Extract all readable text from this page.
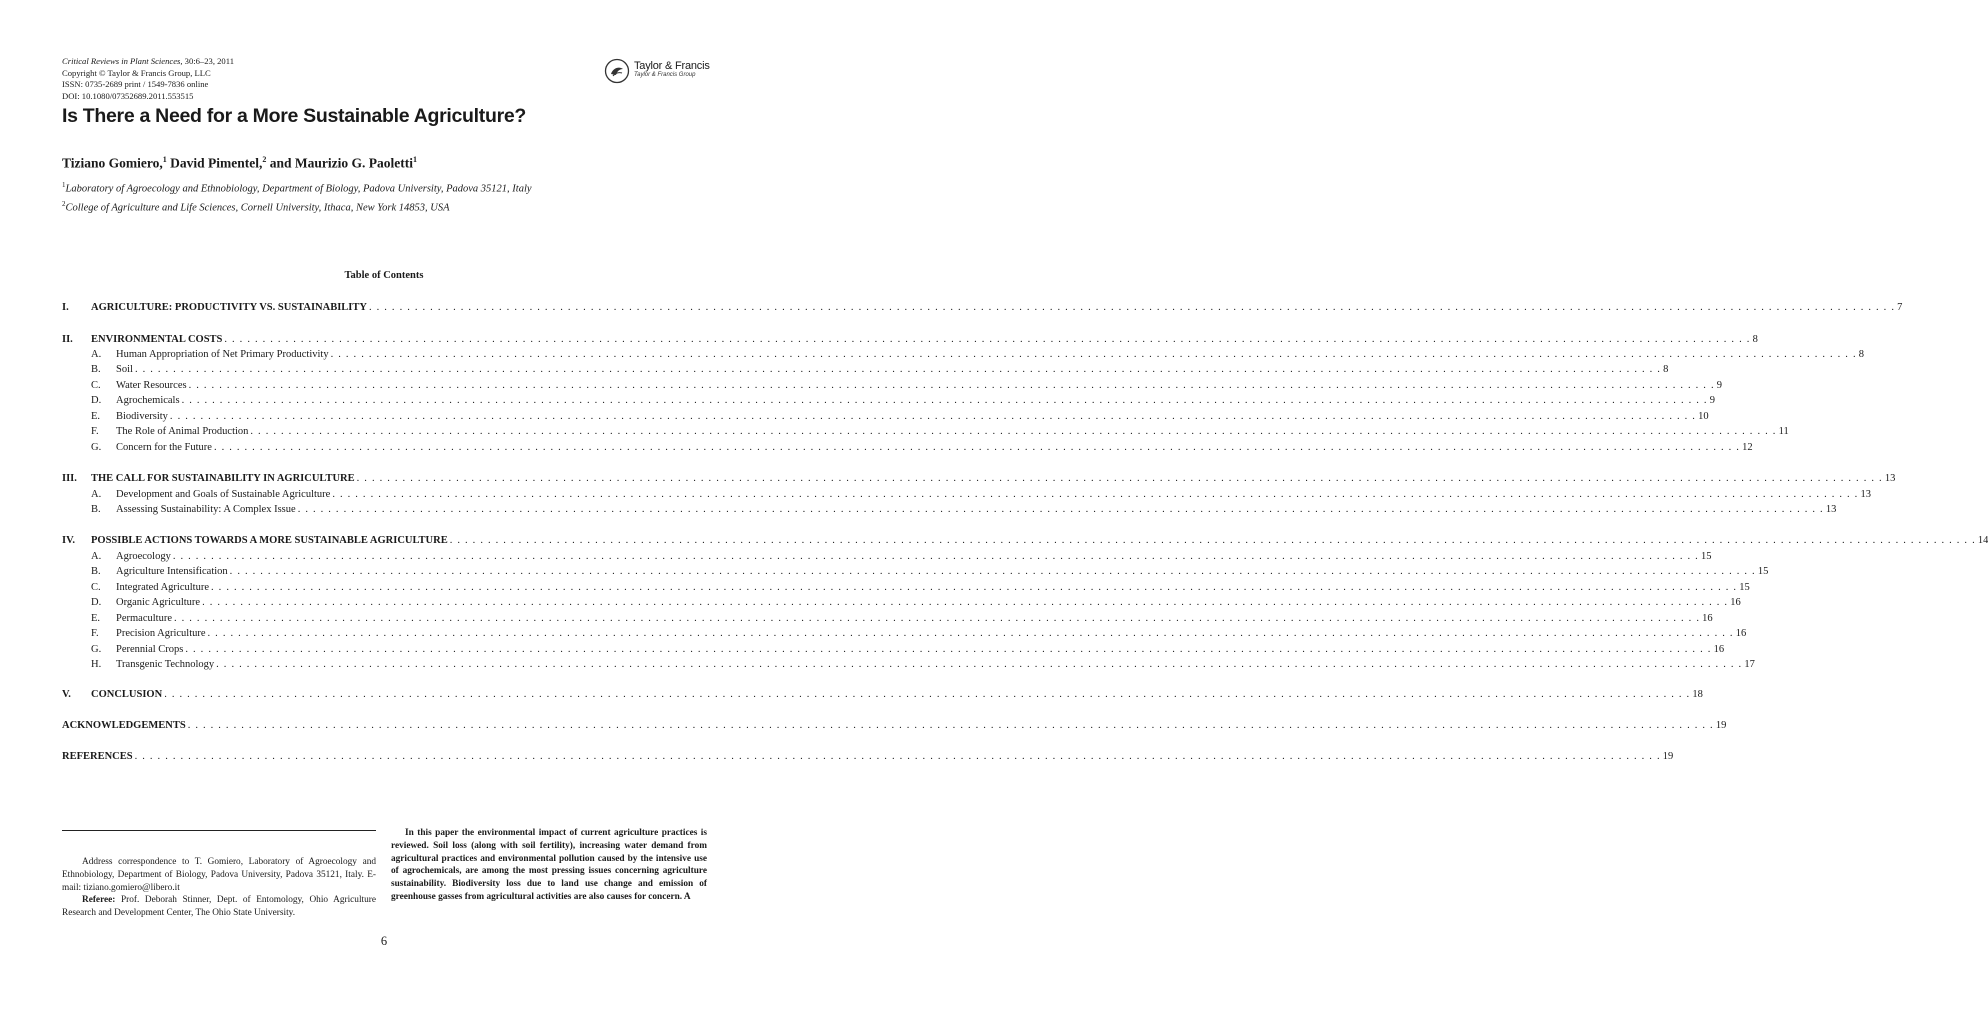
Critical Reviews in Plant Sciences, 30:6–23, 2011
Copyright © Taylor & Francis Group, LLC
ISSN: 0735-2689 print / 1549-7836 online
DOI: 10.1080/07352689.2011.553515
Taylor & Francis
Taylor & Francis Group
Is There a Need for a More Sustainable Agriculture?
Tiziano Gomiero,$^1$ David Pimentel,$^2$ and Maurizio G. Paoletti$^1$
$^1$Laboratory of Agroecology and Ethnobiology, Department of Biology, Padova University, Padova 35121, Italy
$^2$College of Agriculture and Life Sciences, Cornell University, Ithaca, New York 14853, USA
Table of Contents
I.	AGRICULTURE: PRODUCTIVITY VS. SUSTAINABILITY . . . . . . . . . . . . . . . . . . . . . . . . . . . . . . . . . . . . . . . . . . . . . . . . . . . . . . . . . . . . . . . . . . . . . . . . . . . . . . . . . . . . . . . . . . . . . . . . . . . . . . . . . . . . . . . . . . . . . . . . . . . . . . . . . . . . . . . . . . . . . . . . . . . . . . . . . . . . . . . . . . . . . . . . . . . . . . . . . . . . . . . . . . . . . . . . . . . . . . . . 7
II.	ENVIRONMENTAL COSTS . . . . . . . . . . . . . . . . . . . . . . . . . . . . . . . . . . . . . . . . . . . . . . . . . . . . . . . . . . . . . . . . . . . . . . . . . . . . . . . . . . . . . . . . . . . . . . . . . . . . . . . . . . . . . . . . . . . . . . . . . . . . . . . . . . . . . . . . . . . . . . . . . . . . . . . . . . . . . . . . . . . . . . . . . . . . . . . . . . . . . . . . . . . . . . . . . . . . . . . . 8
A.	Human Appropriation of Net Primary Productivity . . . . . . . . . . . . . . . . . . . . . . . . . . . . . . . . . . . . . . . . . . . . . . . . . . . . . . . . . . . . . . . . . . . . . . . . . . . . . . . . . . . . . . . . . . . . . . . . . . . . . . . . . . . . . . . . . . . . . . . . . . . . . . . . . . . . . . . . . . . . . . . . . . . . . . . . . . . . . . . . . . . . . . . . . . . . . . . . . . . . . . . . . . . . . . . . . . . . . . . . 8
B.	Soil . . . . . . . . . . . . . . . . . . . . . . . . . . . . . . . . . . . . . . . . . . . . . . . . . . . . . . . . . . . . . . . . . . . . . . . . . . . . . . . . . . . . . . . . . . . . . . . . . . . . . . . . . . . . . . . . . . . . . . . . . . . . . . . . . . . . . . . . . . . . . . . . . . . . . . . . . . . . . . . . . . . . . . . . . . . . . . . . . . . . . . . . . . . . . . . . . . . . . . . . 8
C.	Water Resources . . . . . . . . . . . . . . . . . . . . . . . . . . . . . . . . . . . . . . . . . . . . . . . . . . . . . . . . . . . . . . . . . . . . . . . . . . . . . . . . . . . . . . . . . . . . . . . . . . . . . . . . . . . . . . . . . . . . . . . . . . . . . . . . . . . . . . . . . . . . . . . . . . . . . . . . . . . . . . . . . . . . . . . . . . . . . . . . . . . . . . . . . . . . . . . . . . . . . . . . 9
D.	Agrochemicals . . . . . . . . . . . . . . . . . . . . . . . . . . . . . . . . . . . . . . . . . . . . . . . . . . . . . . . . . . . . . . . . . . . . . . . . . . . . . . . . . . . . . . . . . . . . . . . . . . . . . . . . . . . . . . . . . . . . . . . . . . . . . . . . . . . . . . . . . . . . . . . . . . . . . . . . . . . . . . . . . . . . . . . . . . . . . . . . . . . . . . . . . . . . . . . . . . . . . . . . 9
E.	Biodiversity . . . . . . . . . . . . . . . . . . . . . . . . . . . . . . . . . . . . . . . . . . . . . . . . . . . . . . . . . . . . . . . . . . . . . . . . . . . . . . . . . . . . . . . . . . . . . . . . . . . . . . . . . . . . . . . . . . . . . . . . . . . . . . . . . . . . . . . . . . . . . . . . . . . . . . . . . . . . . . . . . . . . . . . . . . . . . . . . . . . . . . . . . . . . . . . . . . . . . . . . 10
F.	The Role of Animal Production . . . . . . . . . . . . . . . . . . . . . . . . . . . . . . . . . . . . . . . . . . . . . . . . . . . . . . . . . . . . . . . . . . . . . . . . . . . . . . . . . . . . . . . . . . . . . . . . . . . . . . . . . . . . . . . . . . . . . . . . . . . . . . . . . . . . . . . . . . . . . . . . . . . . . . . . . . . . . . . . . . . . . . . . . . . . . . . . . . . . . . . . . . . . . . . . . . . . . . . . 11
G.	Concern for the Future . . . . . . . . . . . . . . . . . . . . . . . . . . . . . . . . . . . . . . . . . . . . . . . . . . . . . . . . . . . . . . . . . . . . . . . . . . . . . . . . . . . . . . . . . . . . . . . . . . . . . . . . . . . . . . . . . . . . . . . . . . . . . . . . . . . . . . . . . . . . . . . . . . . . . . . . . . . . . . . . . . . . . . . . . . . . . . . . . . . . . . . . . . . . . . . . . . . . . . . . 12
III.	THE CALL FOR SUSTAINABILITY IN AGRICULTURE . . . . . . . . . . . . . . . . . . . . . . . . . . . . . . . . . . . . . . . . . . . . . . . . . . . . . . . . . . . . . . . . . . . . . . . . . . . . . . . . . . . . . . . . . . . . . . . . . . . . . . . . . . . . . . . . . . . . . . . . . . . . . . . . . . . . . . . . . . . . . . . . . . . . . . . . . . . . . . . . . . . . . . . . . . . . . . . . . . . . . . . . . . . . . . . . . . . . . . . . 13
A.	Development and Goals of Sustainable Agriculture . . . . . . . . . . . . . . . . . . . . . . . . . . . . . . . . . . . . . . . . . . . . . . . . . . . . . . . . . . . . . . . . . . . . . . . . . . . . . . . . . . . . . . . . . . . . . . . . . . . . . . . . . . . . . . . . . . . . . . . . . . . . . . . . . . . . . . . . . . . . . . . . . . . . . . . . . . . . . . . . . . . . . . . . . . . . . . . . . . . . . . . . . . . . . . . . . . . . . . . . 13
B.	Assessing Sustainability: A Complex Issue . . . . . . . . . . . . . . . . . . . . . . . . . . . . . . . . . . . . . . . . . . . . . . . . . . . . . . . . . . . . . . . . . . . . . . . . . . . . . . . . . . . . . . . . . . . . . . . . . . . . . . . . . . . . . . . . . . . . . . . . . . . . . . . . . . . . . . . . . . . . . . . . . . . . . . . . . . . . . . . . . . . . . . . . . . . . . . . . . . . . . . . . . . . . . . . . . . . . . . . . 13
IV.	POSSIBLE ACTIONS TOWARDS A MORE SUSTAINABLE AGRICULTURE . . . . . . . . . . . . . . . . . . . . . . . . . . . . . . . . . . . . . . . . . . . . . . . . . . . . . . . . . . . . . . . . . . . . . . . . . . . . . . . . . . . . . . . . . . . . . . . . . . . . . . . . . . . . . . . . . . . . . . . . . . . . . . . . . . . . . . . . . . . . . . . . . . . . . . . . . . . . . . . . . . . . . . . . . . . . . . . . . . . . . . . . . . . . . . . . . . . . . . . . 14
A.	Agroecology . . . . . . . . . . . . . . . . . . . . . . . . . . . . . . . . . . . . . . . . . . . . . . . . . . . . . . . . . . . . . . . . . . . . . . . . . . . . . . . . . . . . . . . . . . . . . . . . . . . . . . . . . . . . . . . . . . . . . . . . . . . . . . . . . . . . . . . . . . . . . . . . . . . . . . . . . . . . . . . . . . . . . . . . . . . . . . . . . . . . . . . . . . . . . . . . . . . . . . . . 15
B.	Agriculture Intensification . . . . . . . . . . . . . . . . . . . . . . . . . . . . . . . . . . . . . . . . . . . . . . . . . . . . . . . . . . . . . . . . . . . . . . . . . . . . . . . . . . . . . . . . . . . . . . . . . . . . . . . . . . . . . . . . . . . . . . . . . . . . . . . . . . . . . . . . . . . . . . . . . . . . . . . . . . . . . . . . . . . . . . . . . . . . . . . . . . . . . . . . . . . . . . . . . . . . . . . . 15
C.	Integrated Agriculture . . . . . . . . . . . . . . . . . . . . . . . . . . . . . . . . . . . . . . . . . . . . . . . . . . . . . . . . . . . . . . . . . . . . . . . . . . . . . . . . . . . . . . . . . . . . . . . . . . . . . . . . . . . . . . . . . . . . . . . . . . . . . . . . . . . . . . . . . . . . . . . . . . . . . . . . . . . . . . . . . . . . . . . . . . . . . . . . . . . . . . . . . . . . . . . . . . . . . . . . 15
D.	Organic Agriculture . . . . . . . . . . . . . . . . . . . . . . . . . . . . . . . . . . . . . . . . . . . . . . . . . . . . . . . . . . . . . . . . . . . . . . . . . . . . . . . . . . . . . . . . . . . . . . . . . . . . . . . . . . . . . . . . . . . . . . . . . . . . . . . . . . . . . . . . . . . . . . . . . . . . . . . . . . . . . . . . . . . . . . . . . . . . . . . . . . . . . . . . . . . . . . . . . . . . . . . . 16
E.	Permaculture . . . . . . . . . . . . . . . . . . . . . . . . . . . . . . . . . . . . . . . . . . . . . . . . . . . . . . . . . . . . . . . . . . . . . . . . . . . . . . . . . . . . . . . . . . . . . . . . . . . . . . . . . . . . . . . . . . . . . . . . . . . . . . . . . . . . . . . . . . . . . . . . . . . . . . . . . . . . . . . . . . . . . . . . . . . . . . . . . . . . . . . . . . . . . . . . . . . . . . . . 16
F.	Precision Agriculture . . . . . . . . . . . . . . . . . . . . . . . . . . . . . . . . . . . . . . . . . . . . . . . . . . . . . . . . . . . . . . . . . . . . . . . . . . . . . . . . . . . . . . . . . . . . . . . . . . . . . . . . . . . . . . . . . . . . . . . . . . . . . . . . . . . . . . . . . . . . . . . . . . . . . . . . . . . . . . . . . . . . . . . . . . . . . . . . . . . . . . . . . . . . . . . . . . . . . . . . 16
G.	Perennial Crops . . . . . . . . . . . . . . . . . . . . . . . . . . . . . . . . . . . . . . . . . . . . . . . . . . . . . . . . . . . . . . . . . . . . . . . . . . . . . . . . . . . . . . . . . . . . . . . . . . . . . . . . . . . . . . . . . . . . . . . . . . . . . . . . . . . . . . . . . . . . . . . . . . . . . . . . . . . . . . . . . . . . . . . . . . . . . . . . . . . . . . . . . . . . . . . . . . . . . . . . 16
H.	Transgenic Technology . . . . . . . . . . . . . . . . . . . . . . . . . . . . . . . . . . . . . . . . . . . . . . . . . . . . . . . . . . . . . . . . . . . . . . . . . . . . . . . . . . . . . . . . . . . . . . . . . . . . . . . . . . . . . . . . . . . . . . . . . . . . . . . . . . . . . . . . . . . . . . . . . . . . . . . . . . . . . . . . . . . . . . . . . . . . . . . . . . . . . . . . . . . . . . . . . . . . . . . . 17
V.	CONCLUSION . . . . . . . . . . . . . . . . . . . . . . . . . . . . . . . . . . . . . . . . . . . . . . . . . . . . . . . . . . . . . . . . . . . . . . . . . . . . . . . . . . . . . . . . . . . . . . . . . . . . . . . . . . . . . . . . . . . . . . . . . . . . . . . . . . . . . . . . . . . . . . . . . . . . . . . . . . . . . . . . . . . . . . . . . . . . . . . . . . . . . . . . . . . . . . . . . . . . . . . . 18
ACKNOWLEDGEMENTS . . . . . . . . . . . . . . . . . . . . . . . . . . . . . . . . . . . . . . . . . . . . . . . . . . . . . . . . . . . . . . . . . . . . . . . . . . . . . . . . . . . . . . . . . . . . . . . . . . . . . . . . . . . . . . . . . . . . . . . . . . . . . . . . . . . . . . . . . . . . . . . . . . . . . . . . . . . . . . . . . . . . . . . . . . . . . . . . . . . . . . . . . . . . . . . . . . . . . . . . 19
REFERENCES . . . . . . . . . . . . . . . . . . . . . . . . . . . . . . . . . . . . . . . . . . . . . . . . . . . . . . . . . . . . . . . . . . . . . . . . . . . . . . . . . . . . . . . . . . . . . . . . . . . . . . . . . . . . . . . . . . . . . . . . . . . . . . . . . . . . . . . . . . . . . . . . . . . . . . . . . . . . . . . . . . . . . . . . . . . . . . . . . . . . . . . . . . . . . . . . . . . . . . . . 19

Address correspondence to T. Gomiero, Laboratory of Agroecology and Ethnobiology, Department of Biology, Padova University, Padova 35121, Italy. E-mail: tiziano.gomiero@libero.it

Referee: Prof. Deborah Stinner, Dept. of Entomology, Ohio Agriculture Research and Development Center, The Ohio State University.

In this paper the environmental impact of current agriculture practices is reviewed. Soil loss (along with soil fertility), increasing water demand from agricultural practices and environmental pollution caused by the intensive use of agrochemicals, are among the most pressing issues concerning agriculture sustainability. Biodiversity loss due to land use change and emission of greenhouse gasses from agricultural activities are also causes for concern. A
6
